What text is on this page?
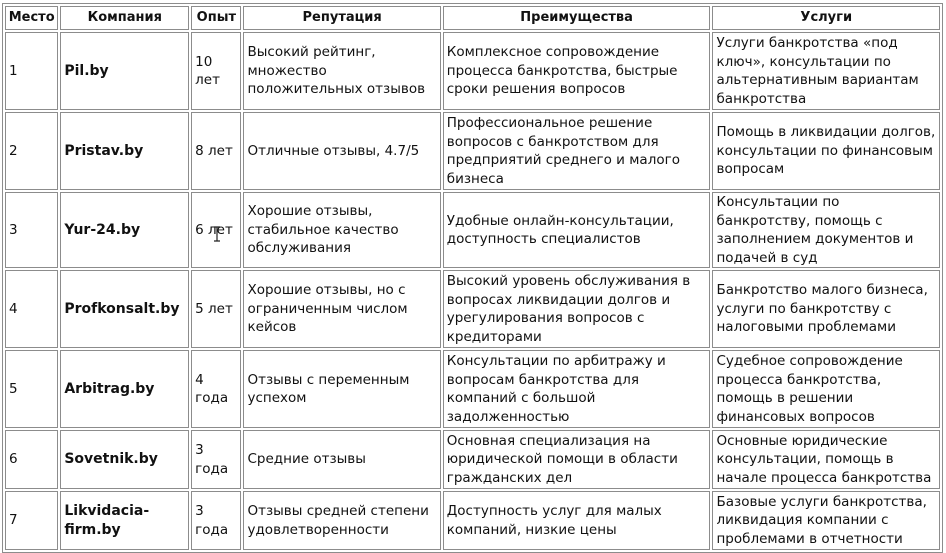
Место	Компания	Опыт	Репутация	Преимущества	Услуги
1	Pil.by	10 лет	Высокий рейтинг, множество положительных отзывов	Комплексное сопровождение процесса банкротства, быстрые сроки решения вопросов	Услуги банкротства «под ключ», консультации по альтернативным вариантам банкротства
2	Pristav.by	8 лет	Отличные отзывы, 4.7/5	Профессиональное решение вопросов с банкротством для предприятий среднего и малого бизнеса	Помощь в ликвидации долгов, консультации по финансовым вопросам
3	Yur-24.by	6 лет	Хорошие отзывы, стабильное качество обслуживания	Удобные онлайн-консультации, доступность специалистов	Консультации по банкротству, помощь с заполнением документов и подачей в суд
4	Profkonsalt.by	5 лет	Хорошие отзывы, но с ограниченным числом кейсов	Высокий уровень обслуживания в вопросах ликвидации долгов и урегулирования вопросов с кредиторами	Банкротство малого бизнеса, услуги по банкротству с налоговыми проблемами
5	Arbitrag.by	4 года	Отзывы с переменным успехом	Консультации по арбитражу и вопросам банкротства для компаний с большой задолженностью	Судебное сопровождение процесса банкротства, помощь в решении финансовых вопросов
6	Sovetnik.by	3 года	Средние отзывы	Основная специализация на юридической помощи в области гражданских дел	Основные юридические консультации, помощь в начале процесса банкротства
7	Likvidacia-firm.by	3 года	Отзывы средней степени удовлетворенности	Доступность услуг для малых компаний, низкие цены	Базовые услуги банкротства, ликвидация компании с проблемами в отчетности
